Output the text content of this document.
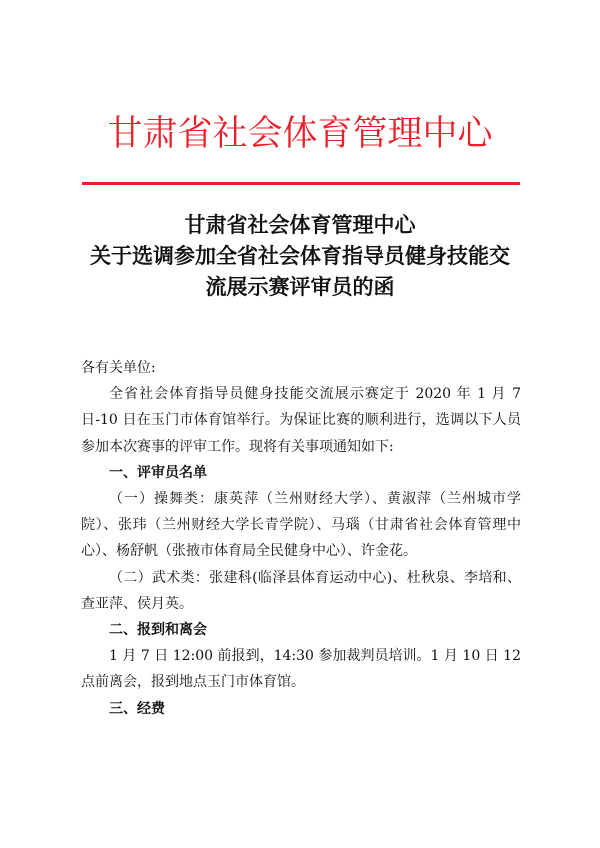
甘肃省社会体育管理中心
甘肃省社会体育管理中心
关于选调参加全省社会体育指导员健身技能交
流展示赛评审员的函

各有关单位:

全省社会体育指导员健身技能交流展示赛定于 2020 年 1 月 7 日-10 日在玉门市体育馆举行。为保证比赛的顺利进行，选调以下人员参加本次赛事的评审工作。现将有关事项通知如下:

一、评审员名单

（一）操舞类：康英萍（兰州财经大学）、黄淑萍（兰州城市学院）、张玮（兰州财经大学长青学院）、马瑙（甘肃省社会体育管理中心）、杨舒帆（张掖市体育局全民健身中心）、许金花。

（二）武术类：张建科(临泽县体育运动中心)、杜秋泉、李培和、查亚萍、侯月英。

二、报到和离会

1 月 7 日 12:00 前报到，14:30 参加裁判员培训。1 月 10 日 12 点前离会，报到地点玉门市体育馆。

三、经费
